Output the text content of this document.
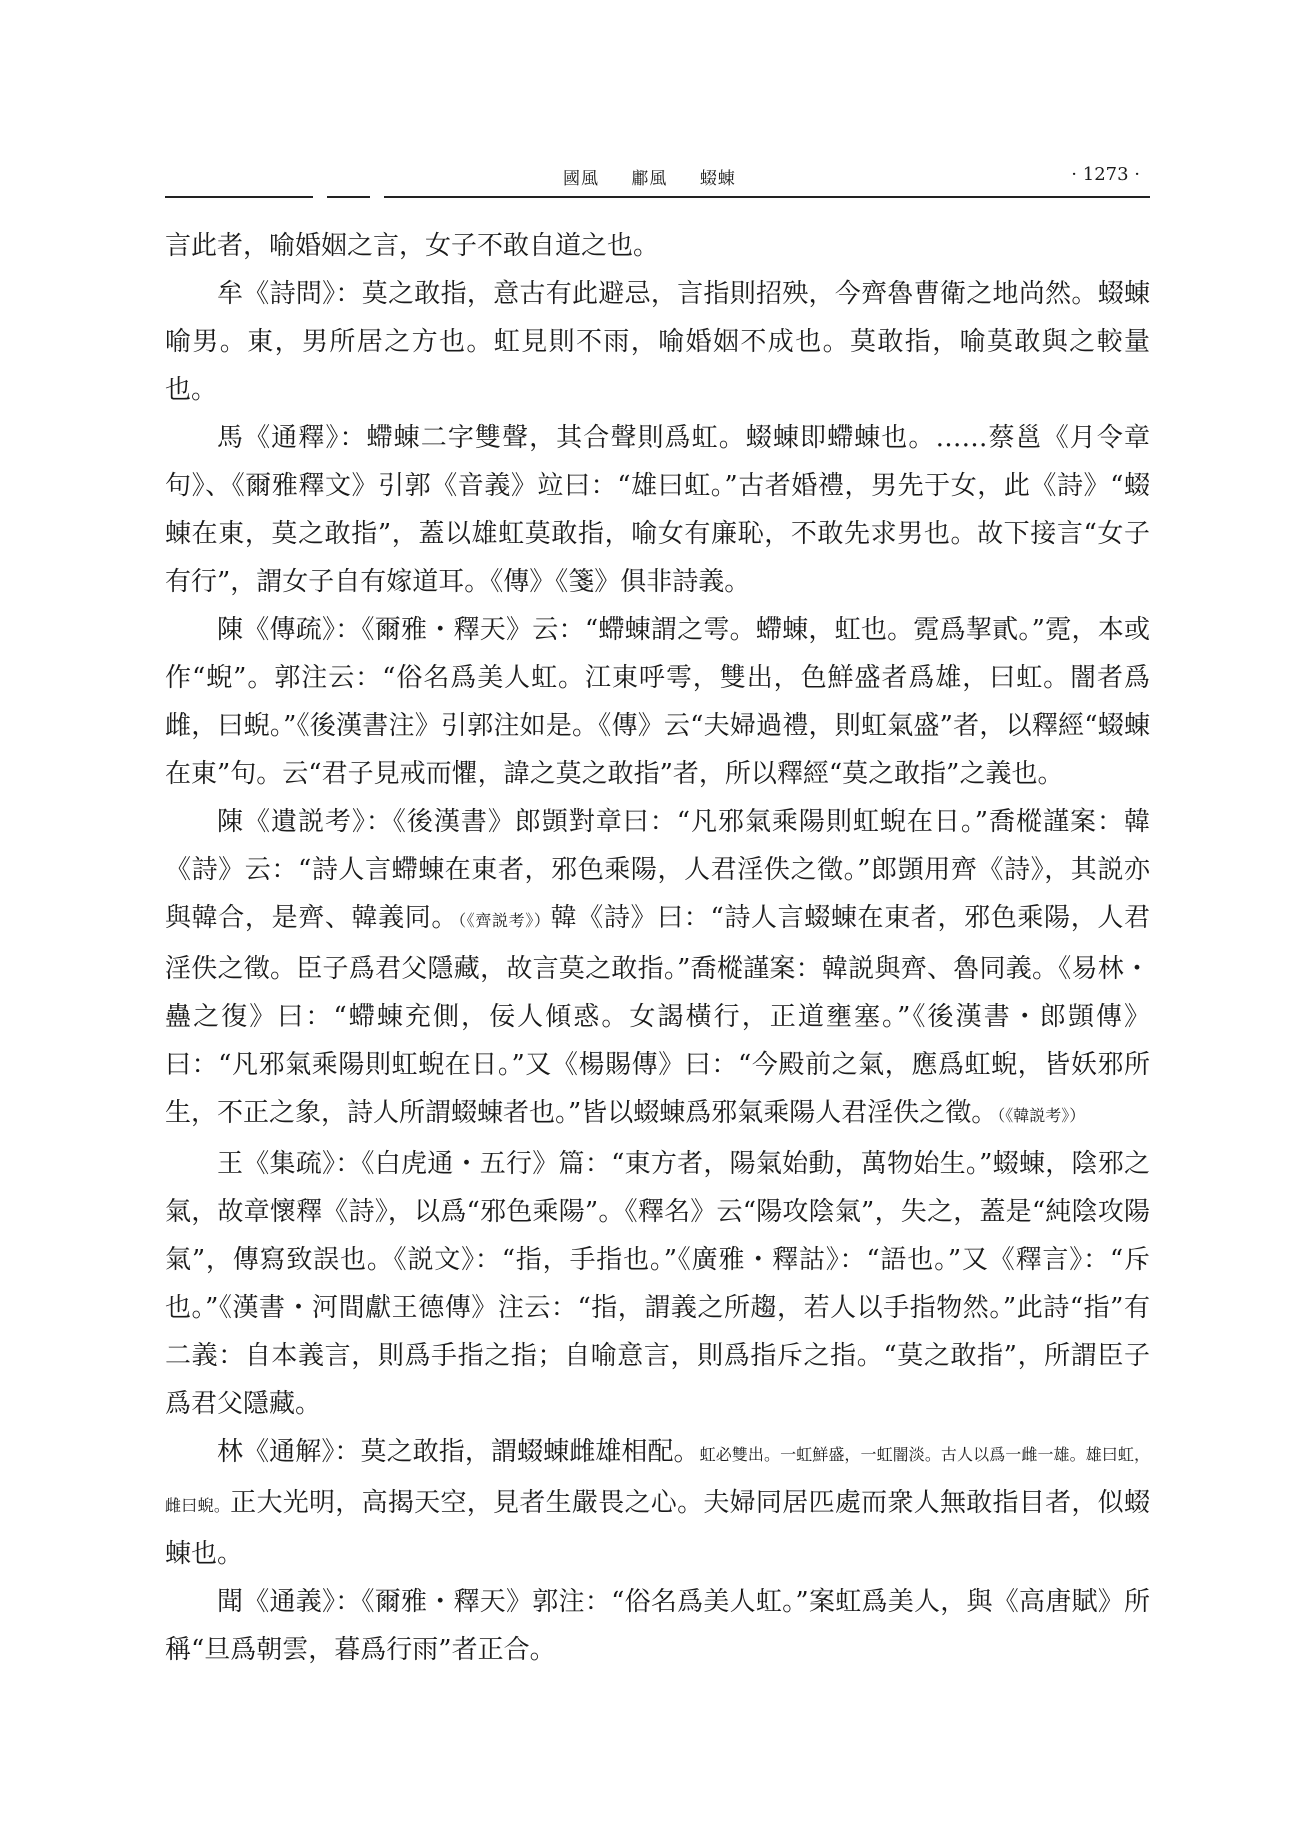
國風 鄘風 蝃蝀	· 1273 ·

言此者，喻婚姻之言，女子不敢自道之也。

牟《詩問》：莫之敢指，意古有此避忌，言指則招殃，今齊魯曹衛之地尚然。蝃蝀喻男。東，男所居之方也。虹見則不雨，喻婚姻不成也。莫敢指，喻莫敢與之較量也。

馬《通釋》：螮蝀二字雙聲，其合聲則爲虹。蝃蝀即螮蝀也。……蔡邕《月令章句》、《爾雅釋文》引郭《音義》竝曰：“雄曰虹。”古者婚禮，男先于女，此《詩》“蝃蝀在東，莫之敢指”，蓋以雄虹莫敢指，喻女有廉恥，不敢先求男也。故下接言“女子有行”，謂女子自有嫁道耳。《傳》《箋》俱非詩義。

陳《傳疏》：《爾雅・釋天》云：“螮蝀謂之雩。螮蝀，虹也。霓爲挈貳。”霓，本或作“蜺”。郭注云：“俗名爲美人虹。江東呼雩，雙出，色鮮盛者爲雄，曰虹。闇者爲雌，曰蜺。”《後漢書注》引郭注如是。《傳》云“夫婦過禮，則虹氣盛”者，以釋經“蝃蝀在東”句。云“君子見戒而懼，諱之莫之敢指”者，所以釋經“莫之敢指”之義也。

陳《遺説考》：《後漢書》郎顗對章曰：“凡邪氣乘陽則虹蜺在日。”喬樅謹案：韓《詩》云：“詩人言螮蝀在東者，邪色乘陽，人君淫佚之徵。”郎顗用齊《詩》，其説亦與韓合，是齊、韓義同。（《齊説考》）韓《詩》曰：“詩人言蝃蝀在東者，邪色乘陽，人君淫佚之徵。臣子爲君父隱藏，故言莫之敢指。”喬樅謹案：韓説與齊、魯同義。《易林・蠱之復》曰：“螮蝀充側，佞人傾惑。女謁橫行，正道壅塞。”《後漢書・郎顗傳》曰：“凡邪氣乘陽則虹蜺在日。”又《楊賜傳》曰：“今殿前之氣，應爲虹蜺，皆妖邪所生，不正之象，詩人所謂蝃蝀者也。”皆以蝃蝀爲邪氣乘陽人君淫佚之徵。（《韓説考》）

王《集疏》：《白虎通・五行》篇：“東方者，陽氣始動，萬物始生。”蝃蝀，陰邪之氣，故章懷釋《詩》，以爲“邪色乘陽”。《釋名》云“陽攻陰氣”，失之，蓋是“純陰攻陽氣”，傳寫致誤也。《説文》：“指，手指也。”《廣雅・釋詁》：“語也。”又《釋言》：“斥也。”《漢書・河間獻王德傳》注云：“指，謂義之所趨，若人以手指物然。”此詩“指”有二義：自本義言，則爲手指之指；自喻意言，則爲指斥之指。“莫之敢指”，所謂臣子爲君父隱藏。

林《通解》：莫之敢指，謂蝃蝀雌雄相配。虹必雙出。一虹鮮盛，一虹闇淡。古人以爲一雌一雄。雄曰虹，雌曰蜺。正大光明，高揭天空，見者生嚴畏之心。夫婦同居匹處而衆人無敢指目者，似蝃蝀也。

聞《通義》：《爾雅・釋天》郭注：“俗名爲美人虹。”案虹爲美人，與《高唐賦》所稱“旦爲朝雲，暮爲行雨”者正合。
